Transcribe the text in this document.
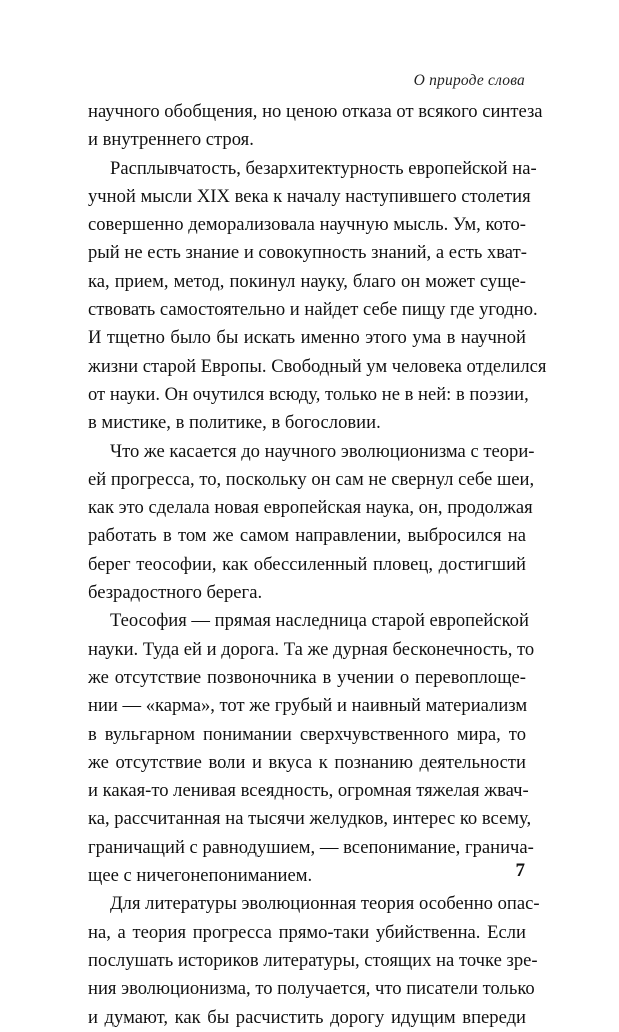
О природе слова
научного обобщения, но ценою отказа от всякого синтеза
и внутреннего строя.
Расплывчатость, безархитектурность европейской на-
учной мысли XIX века к началу наступившего столетия
совершенно деморализовала научную мысль. Ум, кото-
рый не есть знание и совокупность знаний, а есть хват-
ка, прием, метод, покинул науку, благо он может суще-
ствовать самостоятельно и найдет себе пищу где угодно.
И тщетно было бы искать именно этого ума в научной
жизни старой Европы. Свободный ум человека отделился
от науки. Он очутился всюду, только не в ней: в поэзии,
в мистике, в политике, в богословии.
Что же касается до научного эволюционизма с теори-
ей прогресса, то, поскольку он сам не свернул себе шеи,
как это сделала новая европейская наука, он, продолжая
работать в том же самом направлении, выбросился на
берег теософии, как обессиленный пловец, достигший
безрадостного берега.
Теософия — прямая наследница старой европейской
науки. Туда ей и дорога. Та же дурная бесконечность, то
же отсутствие позвоночника в учении о перевоплоще-
нии — «карма», тот же грубый и наивный материализм
в вульгарном понимании сверхчувственного мира, то
же отсутствие воли и вкуса к познанию деятельности
и какая-то ленивая всеядность, огромная тяжелая жвач-
ка, рассчитанная на тысячи желудков, интерес ко всему,
граничащий с равнодушием, — всепонимание, гранича-
щее с ничегонепониманием.
Для литературы эволюционная теория особенно опас-
на, а теория прогресса прямо-таки убийственна. Если
послушать историков литературы, стоящих на точке зре-
ния эволюционизма, то получается, что писатели только
и думают, как бы расчистить дорогу идущим впереди
7
